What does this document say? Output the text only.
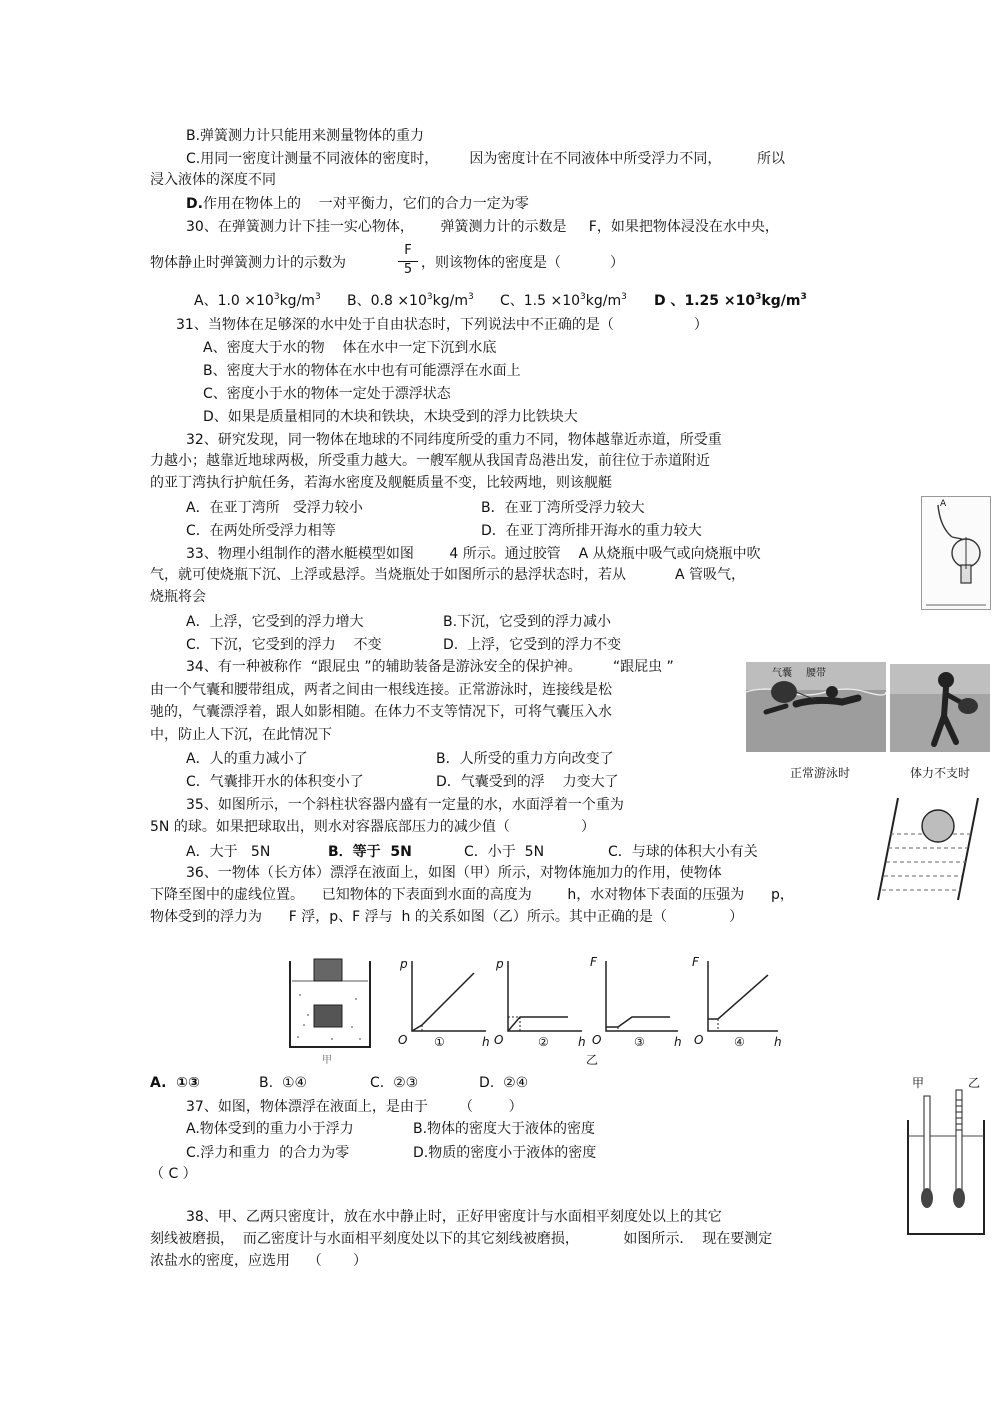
B.弹簧测力计只能用来测量物体的重力
C.用同一密度计测量不同液体的密度时，       因为密度计在不同液体中所受浮力不同，        所以
浸入液体的深度不同
D.作用在物体上的    一对平衡力，它们的合力一定为零
30、在弹簧测力计下挂一实心物体，      弹簧测力计的示数是     F，如果把物体浸没在水中央，
物体静止时弹簧测力计的示数为	$\frac{F}{5}$ ，则该物体的密度是（           ）
A、$1.0 \times 10^3kg/m^3$ B、$0.8 \times 10^3kg/m^3$ C、$1.5 \times 10^3kg/m^3$ D 、$1.25 \times 10^3kg/m^3$
31、当物体在足够深的水中处于自由状态时，下列说法中不正确的是（                  ）
A、密度大于水的物    体在水中一定下沉到水底
B、密度大于水的物体在水中也有可能漂浮在水面上
C、密度小于水的物体一定处于漂浮状态
D、如果是质量相同的木块和铁块，木块受到的浮力比铁块大
32、研究发现，同一物体在地球的不同纬度所受的重力不同，物体越靠近赤道，所受重
力越小；越靠近地球两极，所受重力越大。一艘军舰从我国青岛港出发，前往位于赤道附近
的亚丁湾执行护航任务，若海水密度及舰艇质量不变，比较两地，则该舰艇
A．在亚丁湾所   受浮力较小	B．在亚丁湾所受浮力较大
C．在两处所受浮力相等	D．在亚丁湾所排开海水的重力较大
33、物理小组制作的潜水艇模型如图        4 所示。通过胶管    A 从烧瓶中吸气或向烧瓶中吹
气，就可使烧瓶下沉、上浮或悬浮。当烧瓶处于如图所示的悬浮状态时，若从           A 管吸气，
烧瓶将会
A．上浮，它受到的浮力增大	B.下沉，它受到的浮力减小
C．下沉，它受到的浮力    不变	D.  上浮，它受到的浮力不变
34、有一种被称作  “跟屁虫 ”的辅助装备是游泳安全的保护神。       “跟屁虫 ”
由一个气囊和腰带组成，两者之间由一根线连接。正常游泳时，连接线是松
驰的，气囊漂浮着，跟人如影相随。在体力不支等情况下，可将气囊压入水
中，防止人下沉，在此情况下
A．人的重力减小了	B．人所受的重力方向改变了
C．气囊排开水的体积变小了	D．气囊受到的浮    力变大了
35、如图所示，一个斜柱状容器内盛有一定量的水，水面浮着一个重为
5N 的球。如果把球取出，则水对容器底部压力的减少值（                ）
A．大于   5N	B．等于  5N	C．小于  5N	C．与球的体积大小有关
36、一物体（长方体）漂浮在液面上，如图（甲）所示，对物体施加力的作用，使物体
下降至图中的虚线位置。    已知物体的下表面到水面的高度为        h，水对物体下表面的压强为      p，
物体受到的浮力为      F 浮，p、F 浮与  h 的关系如图（乙）所示。其中正确的是（              ）
A.  ①③	B.  ①④	C.  ②③	D.  ②④
37、如图，物体漂浮在液面上，是由于       （        ）
A.物体受到的重力小于浮力	B.物体的密度大于液体的密度
C.浮力和重力  的合力为零	D.物质的密度小于液体的密度
（ C ）
38、甲、乙两只密度计，放在水中静止时，正好甲密度计与水面相平刻度处以上的其它
刻线被磨损，  而乙密度计与水面相平刻度处以下的其它刻线被磨损，          如图所示．  现在要测定
浓盐水的密度，应选用    （       ）
A
气囊 腰带
正常游泳时	体力不支时
甲
p
O ①	h
p
O	② h
乙
F
O	③ h
F
O	④ h
甲	乙
